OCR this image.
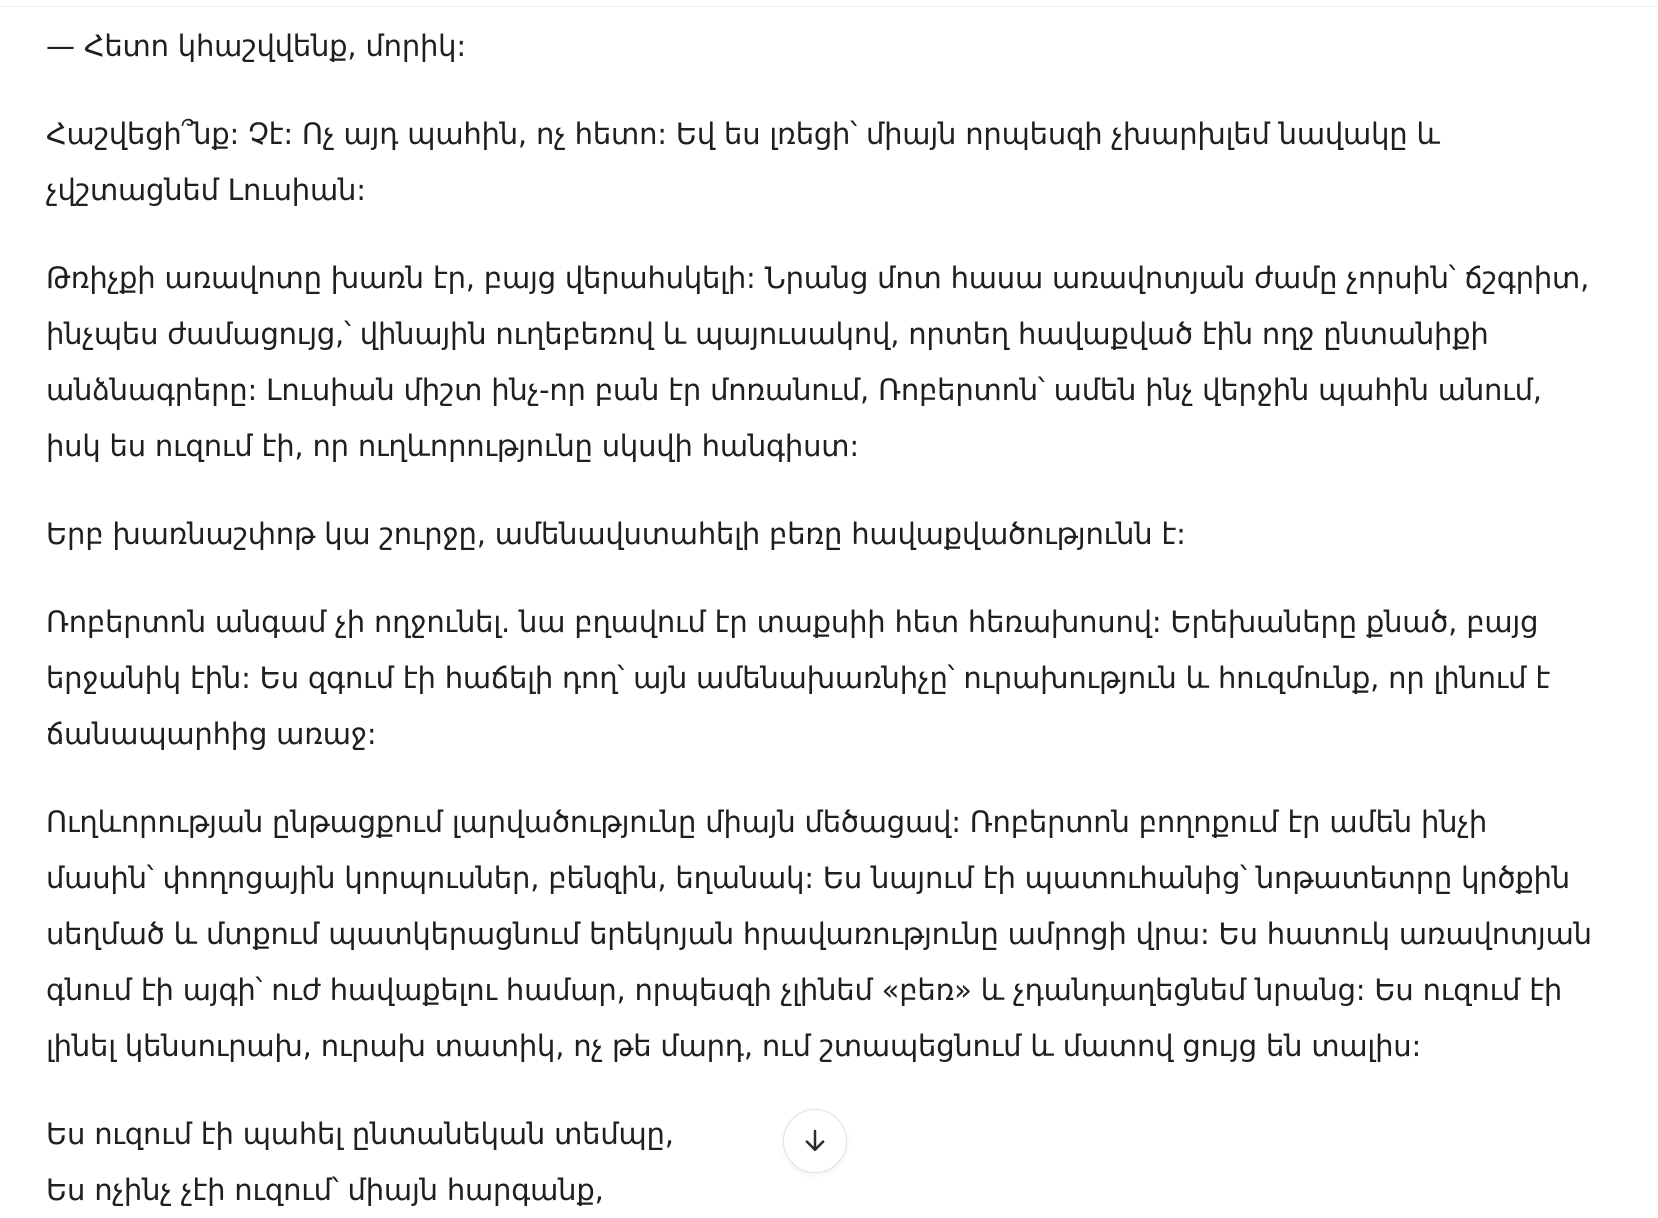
— Հետո կհաշվվենք, մորիկ:

Հաշվեցի՞նք: Չէ: Ոչ այդ պահին, ոչ հետո: Եվ ես լռեցի՝ միայն որպեսզի չխարխլեմ նավակը և
չվշտացնեմ Լուսիան:

Թռիչքի առավոտը խառն էր, բայց վերահսկելի: Նրանց մոտ հասա առավոտյան ժամը չորսին՝ ճշգրիտ,
ինչպես ժամացույց,՝ վինային ուղեբեռով և պայուսակով, որտեղ հավաքված էին ողջ ընտանիքի
անձնագրերը: Լուսիան միշտ ինչ-որ բան էր մոռանում, Ռոբերտոն՝ ամեն ինչ վերջին պահին անում,
իսկ ես ուզում էի, որ ուղևորությունը սկսվի հանգիստ:

Երբ խառնաշփոթ կա շուրջը, ամենավստահելի բեռը հավաքվածությունն է:

Ռոբերտոն անգամ չի ողջունել. նա բղավում էր տաքսիի հետ հեռախոսով: Երեխաները քնած, բայց
երջանիկ էին: Ես զգում էի հաճելի դող՝ այն ամենախառնիչը՝ ուրախություն և հուզմունք, որ լինում է
ճանապարհից առաջ:

Ուղևորության ընթացքում լարվածությունը միայն մեծացավ: Ռոբերտոն բողոքում էր ամեն ինչի
մասին՝ փողոցային կորպուսներ, բենզին, եղանակ: Ես նայում էի պատուհանից՝ նոթատետրը կրծքին
սեղմած և մտքում պատկերացնում երեկոյան հրավառությունը ամրոցի վրա: Ես հատուկ առավոտյան
գնում էի այգի՝ ուժ հավաքելու համար, որպեսզի չլինեմ «բեռ» և չդանդաղեցնեմ նրանց: Ես ուզում էի
լինել կենսուրախ, ուրախ տատիկ, ոչ թե մարդ, ում շտապեցնում և մատով ցույց են տալիս:

Ես ուզում էի պահել ընտանեկան տեմպը,
Ես ոչինչ չէի ուզում՝ միայն հարգանք,
